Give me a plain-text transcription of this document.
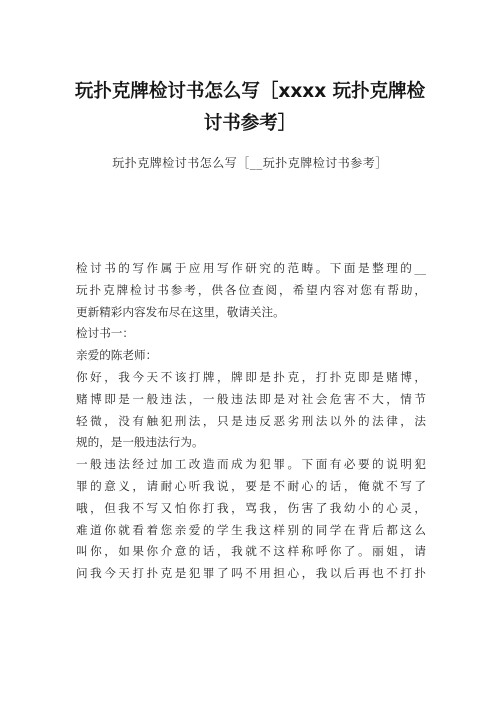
玩扑克牌检讨书怎么写［xxxx 玩扑克牌检
讨书参考］

玩扑克牌检讨书怎么写［__玩扑克牌检讨书参考］

检讨书的写作属于应用写作研究的范畴。下面是整理的__
玩扑克牌检讨书参考，供各位查阅，希望内容对您有帮助，
更新精彩内容发布尽在这里，敬请关注。
检讨书一：
亲爱的陈老师：
你好，我今天不该打牌，牌即是扑克，打扑克即是赌博，
赌博即是一般违法，一般违法即是对社会危害不大，情节
轻微，没有触犯刑法，只是违反恶劣刑法以外的法律，法
规的，是一般违法行为。
一般违法经过加工改造而成为犯罪。下面有必要的说明犯
罪的意义，请耐心听我说，要是不耐心的话，俺就不写了
哦，但我不写又怕你打我，骂我，伤害了我幼小的心灵，
难道你就看着您亲爱的学生我这样别的同学在背后都这么
叫你，如果你介意的话，我就不这样称呼你了。丽姐，请
问我今天打扑克是犯罪了吗不用担心，我以后再也不打扑
